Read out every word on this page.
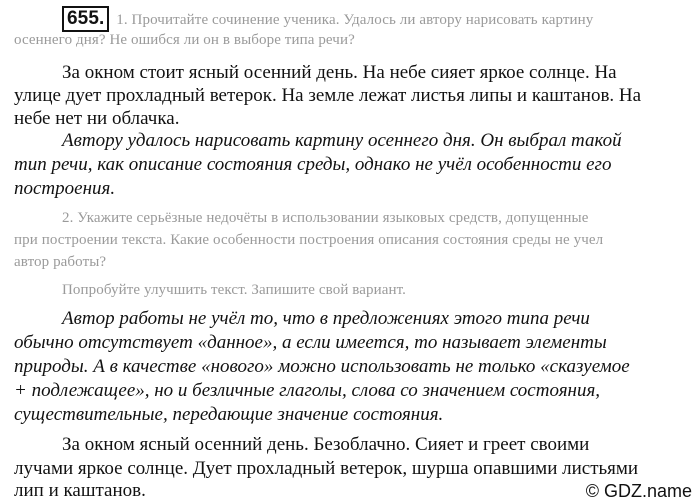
655. 1. Прочитайте сочинение ученика. Удалось ли автору нарисовать картину
осеннего дня? Не ошибся ли он в выборе типа речи?
За окном стоит ясный осенний день. На небе сияет яркое солнце. На
улице дует прохладный ветерок. На земле лежат листья липы и каштанов. На
небе нет ни облачка.
Автору удалось нарисовать картину осеннего дня. Он выбрал такой
тип речи, как описание состояния среды, однако не учёл особенности его
построения.
2. Укажите серьёзные недочёты в использовании языковых средств, допущенные
при построении текста. Какие особенности построения описания состояния среды не учел
автор работы?
Попробуйте улучшить текст. Запишите свой вариант.
Автор работы не учёл то, что в предложениях этого типа речи
обычно отсутствует «данное», а если имеется, то называет элементы
природы. А в качестве «нового» можно использовать не только «сказуемое
+ подлежащее», но и безличные глаголы, слова со значением состояния,
существительные, передающие значение состояния.
За окном ясный осенний день. Безоблачно. Сияет и греет своими
лучами яркое солнце. Дует прохладный ветерок, шурша опавшими листьями
лип и каштанов.	© GDZ.name
